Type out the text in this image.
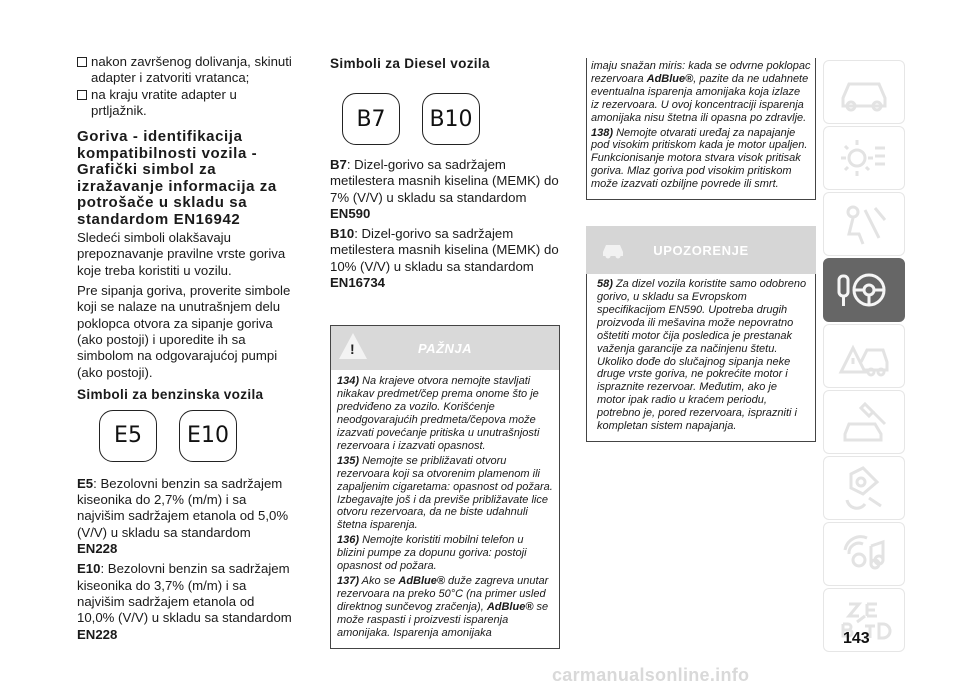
nakon završenog dolivanja, skinuti adapter i zatvoriti vratanca;
na kraju vratite adapter u prtljažnik.
Goriva - identifikacija kompatibilnosti vozila - Grafički simbol za izražavanje informacija za potrošače u skladu sa standardom EN16942

Sledeći simboli olakšavaju prepoznavanje pravilne vrste goriva koje treba koristiti u vozilu.

Pre sipanja goriva, proverite simbole koji se nalaze na unutrašnjem delu poklopca otvora za sipanje goriva (ako postoji) i uporedite ih sa simbolom na odgovarajućoj pumpi (ako postoji).

Simboli za benzinska vozila
E5	E10

E5: Bezolovni benzin sa sadržajem kiseonika do 2,7% (m/m) i sa najvišim sadržajem etanola od 5,0% (V/V) u skladu sa standardom EN228

E10: Bezolovni benzin sa sadržajem kiseonika do 3,7% (m/m) i sa najvišim sadržajem etanola od 10,0% (V/V) u skladu sa standardom EN228

Simboli za Diesel vozila
B7	B10

B7: Dizel-gorivo sa sadržajem metilestera masnih kiselina (MEMK) do 7% (V/V) u skladu sa standardom EN590

B10: Dizel-gorivo sa sadržajem metilestera masnih kiselina (MEMK) do 10% (V/V) u skladu sa standardom EN16734

!	PAŽNJA

134) Na krajeve otvora nemojte stavljati nikakav predmet/čep prema onome što je predviđeno za vozilo. Korišćenje neodgovarajućih predmeta/čepova može izazvati povećanje pritiska u unutrašnjosti rezervoara i izazvati opasnost.

135) Nemojte se približavati otvoru rezervoara koji sa otvorenim plamenom ili zapaljenim cigaretama: opasnost od požara. Izbegavajte još i da previše približavate lice otvoru rezervoara, da ne biste udahnuli štetna isparenja.

136) Nemojte koristiti mobilni telefon u blizini pumpe za dopunu goriva: postoji opasnost od požara.

137) Ako se AdBlue® duže zagreva unutar rezervoara na preko 50°C (na primer usled direktnog sunčevog zračenja), AdBlue® se može raspasti i proizvesti isparenja amonijaka. Isparenja amonijaka

imaju snažan miris: kada se odvrne poklopac rezervoara AdBlue®, pazite da ne udahnete eventualna isparenja amonijaka koja izlaze iz rezervoara. U ovoj koncentraciji isparenja amonijaka nisu štetna ili opasna po zdravlje.

138) Nemojte otvarati uređaj za napajanje pod visokim pritiskom kada je motor upaljen. Funkcionisanje motora stvara visok pritisak goriva. Mlaz goriva pod visokim pritiskom može izazvati ozbiljne povrede ili smrt.

UPOZORENJE

58) Za dizel vozila koristite samo odobreno gorivo, u skladu sa Evropskom specifikacijom EN590. Upotreba drugih proizvoda ili mešavina može nepovratno oštetiti motor čija posledica je prestanak važenja garancije za načinjenu štetu. Ukoliko dođe do slučajnog sipanja neke druge vrste goriva, ne pokrećite motor i ispraznite rezervoar. Međutim, ako je motor ipak radio u kraćem periodu, potrebno je, pored rezervoara, isprazniti i kompletan sistem napajanja.

143
carmanualsonline.info
